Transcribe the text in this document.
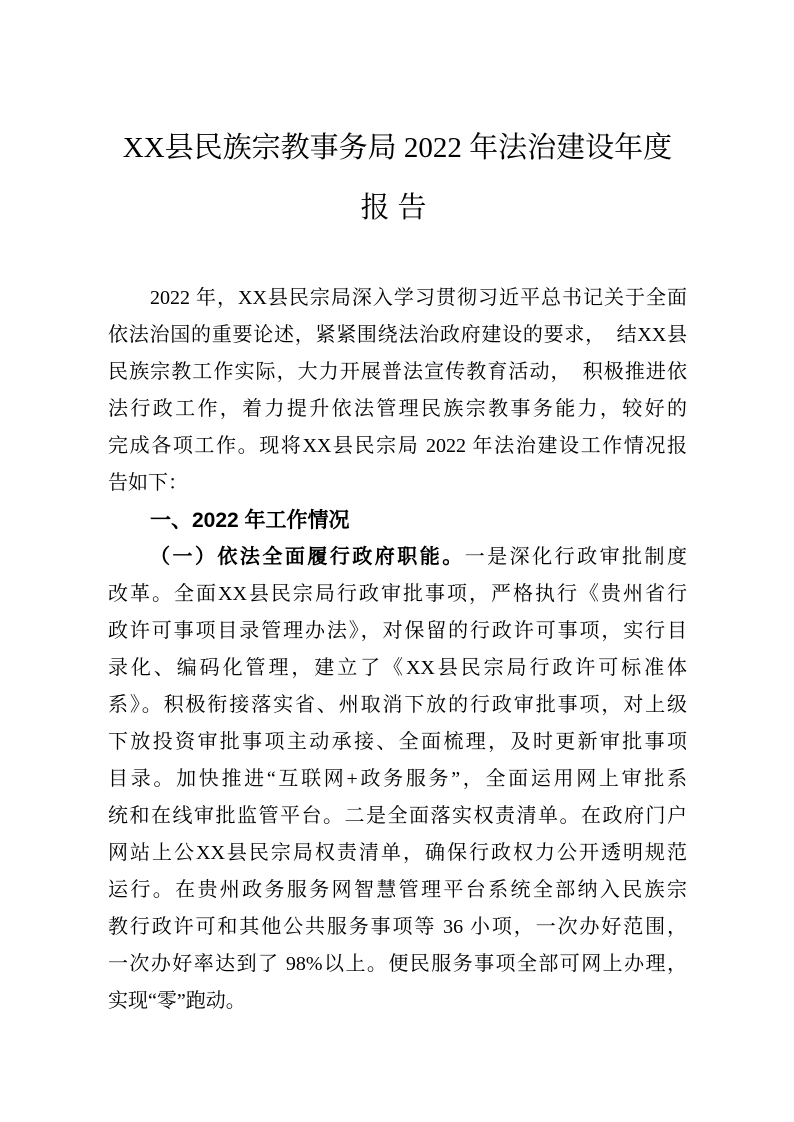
XX县民族宗教事务局 2022 年法治建设年度
报告
2022 年，XX县民宗局深入学习贯彻习近平总书记关于全面
依法治国的重要论述，紧紧围绕法治政府建设的要求，　结XX县
民族宗教工作实际，大力开展普法宣传教育活动，　积极推进依
法行政工作，着力提升依法管理民族宗教事务能力，较好的
完成各项工作。现将XX县民宗局 2022 年法治建设工作情况报
告如下：
一、2022 年工作情况
（一）依法全面履行政府职能。一是深化行政审批制度
改革。全面XX县民宗局行政审批事项，严格执行《贵州省行
政许可事项目录管理办法》，对保留的行政许可事项，实行目
录化、编码化管理，建立了《XX县民宗局行政许可标准体
系》。积极衔接落实省、州取消下放的行政审批事项，对上级
下放投资审批事项主动承接、全面梳理，及时更新审批事项
目录。加快推进“互联网+政务服务”，全面运用网上审批系
统和在线审批监管平台。二是全面落实权责清单。在政府门户
网站上公XX县民宗局权责清单，确保行政权力公开透明规范
运行。在贵州政务服务网智慧管理平台系统全部纳入民族宗
教行政许可和其他公共服务事项等 36 小项，一次办好范围，
一次办好率达到了 98%以上。便民服务事项全部可网上办理，
实现“零”跑动。
